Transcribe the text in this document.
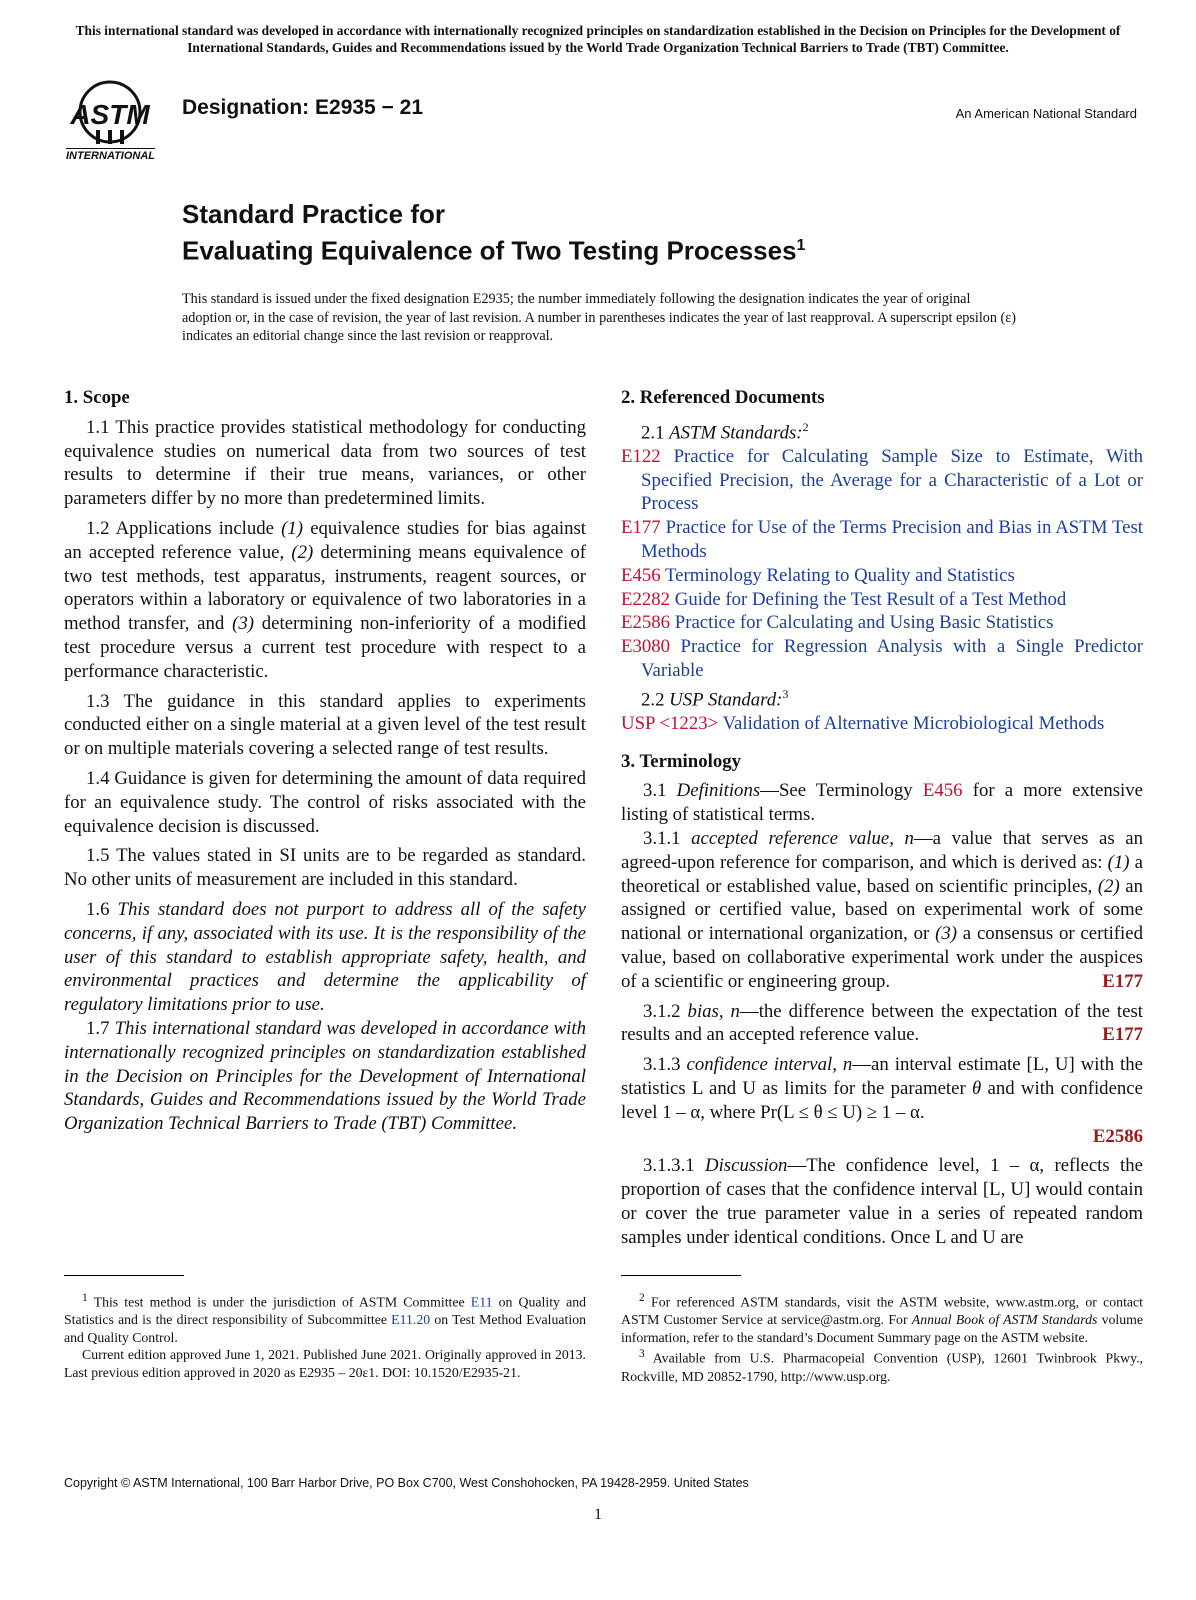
This international standard was developed in accordance with internationally recognized principles on standardization established in the Decision on Principles for the Development of International Standards, Guides and Recommendations issued by the World Trade Organization Technical Barriers to Trade (TBT) Committee.
ASTM
INTERNATIONAL
Designation: E2935 − 21	An American National Standard
Standard Practice for
Evaluating Equivalence of Two Testing Processes$^1$
This standard is issued under the fixed designation E2935; the number immediately following the designation indicates the year of original adoption or, in the case of revision, the year of last revision. A number in parentheses indicates the year of last reapproval. A superscript epsilon (ε) indicates an editorial change since the last revision or reapproval.
1. Scope

1.1 This practice provides statistical methodology for conducting equivalence studies on numerical data from two sources of test results to determine if their true means, variances, or other parameters differ by no more than predetermined limits.

1.2 Applications include (1) equivalence studies for bias against an accepted reference value, (2) determining means equivalence of two test methods, test apparatus, instruments, reagent sources, or operators within a laboratory or equivalence of two laboratories in a method transfer, and (3) determining non-inferiority of a modified test procedure versus a current test procedure with respect to a performance characteristic.

1.3 The guidance in this standard applies to experiments conducted either on a single material at a given level of the test result or on multiple materials covering a selected range of test results.

1.4 Guidance is given for determining the amount of data required for an equivalence study. The control of risks associated with the equivalence decision is discussed.

1.5 The values stated in SI units are to be regarded as standard. No other units of measurement are included in this standard.

1.6 This standard does not purport to address all of the safety concerns, if any, associated with its use. It is the responsibility of the user of this standard to establish appropriate safety, health, and environmental practices and determine the applicability of regulatory limitations prior to use.

1.7 This international standard was developed in accordance with internationally recognized principles on standardization established in the Decision on Principles for the Development of International Standards, Guides and Recommendations issued by the World Trade Organization Technical Barriers to Trade (TBT) Committee.

2. Referenced Documents
2.1 ASTM Standards:$^2$
E122 Practice for Calculating Sample Size to Estimate, With Specified Precision, the Average for a Characteristic of a Lot or Process
E177 Practice for Use of the Terms Precision and Bias in ASTM Test Methods
E456 Terminology Relating to Quality and Statistics
E2282 Guide for Defining the Test Result of a Test Method
E2586 Practice for Calculating and Using Basic Statistics
E3080 Practice for Regression Analysis with a Single Predictor Variable
2.2 USP Standard:$^3$
USP <1223> Validation of Alternative Microbiological Methods
3. Terminology

3.1 Definitions—See Terminology E456 for a more extensive listing of statistical terms.

3.1.1 accepted reference value, n—a value that serves as an agreed-upon reference for comparison, and which is derived as: (1) a theoretical or established value, based on scientific principles, (2) an assigned or certified value, based on experimental work of some national or international organization, or (3) a consensus or certified value, based on collaborative experimental work under the auspices of a scientific or engineering group.	E177

3.1.2 bias, n—the difference between the expectation of the test results and an accepted reference value.	E177

3.1.3 confidence interval, n—an interval estimate [L, U] with the statistics L and U as limits for the parameter θ and with confidence level 1 – α, where Pr(L ≤ θ ≤ U) ≥ 1 – α.

E2586

3.1.3.1 Discussion—The confidence level, 1 – α, reflects the proportion of cases that the confidence interval [L, U] would contain or cover the true parameter value in a series of repeated random samples under identical conditions. Once L and U are

$^1$ This test method is under the jurisdiction of ASTM Committee E11 on Quality and Statistics and is the direct responsibility of Subcommittee E11.20 on Test Method Evaluation and Quality Control.

Current edition approved June 1, 2021. Published June 2021. Originally approved in 2013. Last previous edition approved in 2020 as E2935 – 20ε1. DOI: 10.1520/E2935-21.

$^2$ For referenced ASTM standards, visit the ASTM website, www.astm.org, or contact ASTM Customer Service at service@astm.org. For Annual Book of ASTM Standards volume information, refer to the standard’s Document Summary page on the ASTM website.

$^3$ Available from U.S. Pharmacopeial Convention (USP), 12601 Twinbrook Pkwy., Rockville, MD 20852-1790, http://www.usp.org.

Copyright © ASTM International, 100 Barr Harbor Drive, PO Box C700, West Conshohocken, PA 19428-2959. United States
1
